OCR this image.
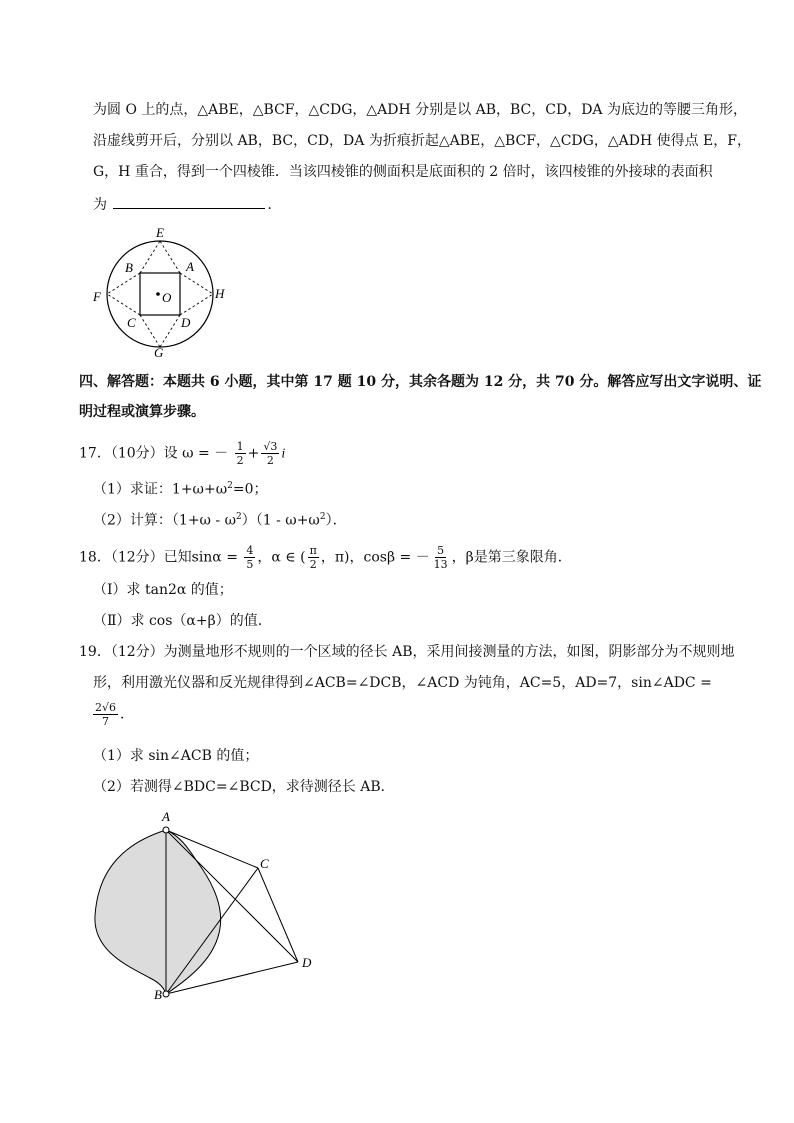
为圆 O 上的点，△ABE，△BCF，△CDG，△ADH 分别是以 AB，BC，CD，DA 为底边的等腰三角形，
沿虚线剪开后，分别以 AB，BC，CD，DA 为折痕折起△ABE，△BCF，△CDG，△ADH 使得点 E，F，
G，H 重合，得到一个四棱锥．当该四棱锥的侧面积是底面积的 2 倍时，该四棱锥的外接球的表面积
为	．
E
B	A
F	O	H
C	D
G
四、解答题：本题共 6 小题，其中第 17 题 10 分，其余各题为 12 分，共 70 分。解答应写出文字说明、证
明过程或演算步骤。
17．（10分）设 ω = － $\frac{1}{2} + \frac{√3}{2}$ i
（1）求证：$1+\omega+\omega^2=0$；
（2）计算：$(1+\omega - \omega^2)(1 - \omega+\omega^2)$．
18．（12分）已知$\sin\alpha = \frac{4}{5}$ ，α ∈ ( $\frac{\pi}{2}$ ，π)，cosβ = － $\frac{5}{13}$ ，β是第三象限角．
（Ⅰ）求 tan2α 的值；
（Ⅱ）求 cos（α+β）的值．
19．（12分）为测量地形不规则的一个区域的径长 AB，采用间接测量的方法，如图，阴影部分为不规则地
形，利用激光仪器和反光规律得到∠ACB=∠DCB，∠ACD 为钝角，AC=5，AD=7，sin∠ADC =
$\frac{2√6}{7}$ ．
（1）求 sin∠ACB 的值；
（2）若测得∠BDC=∠BCD，求待测径长 AB．
A
C
D
B
